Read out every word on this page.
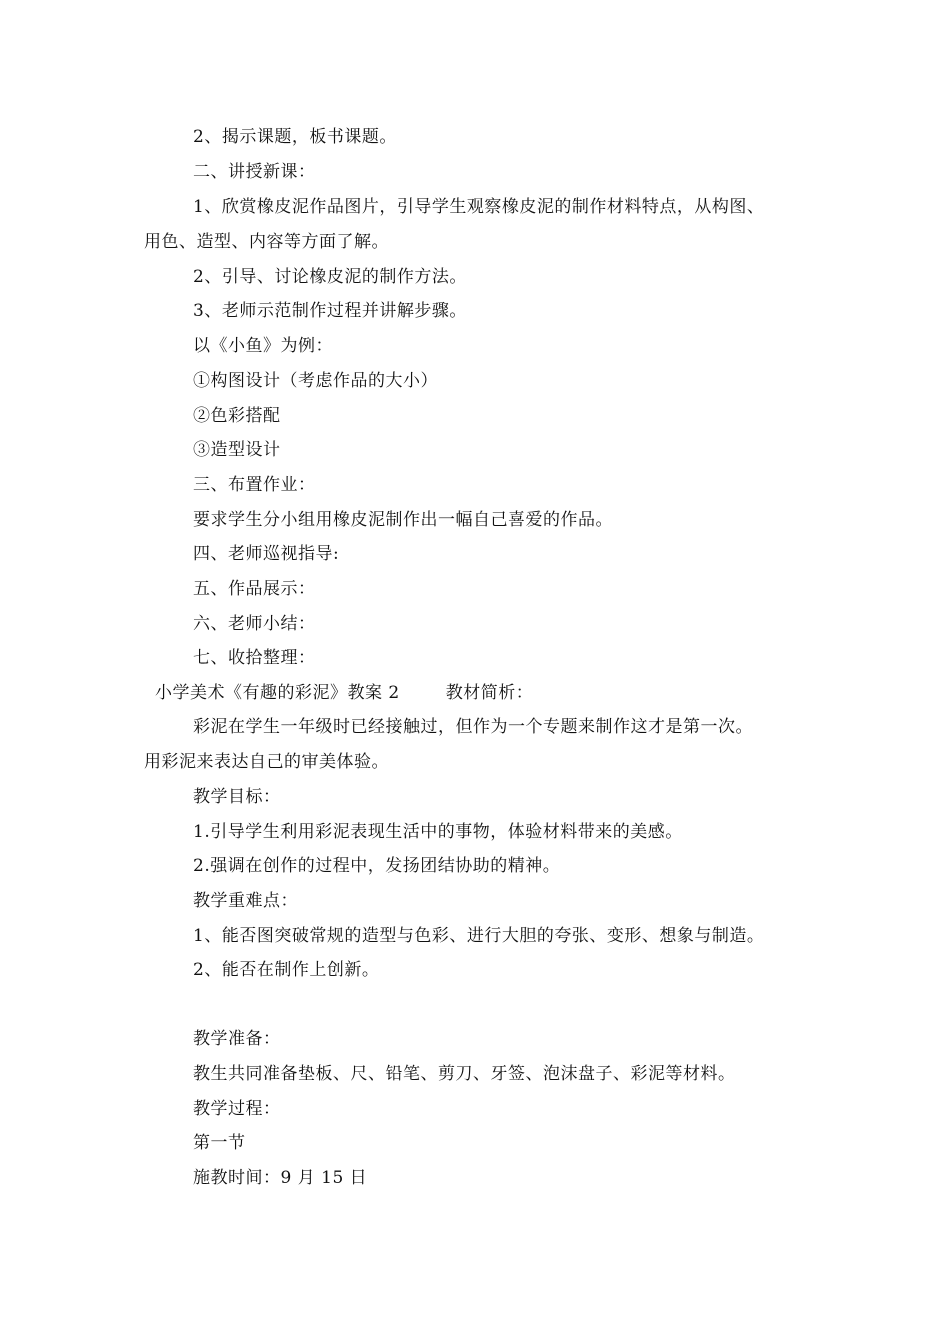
2、揭示课题，板书课题。
二、讲授新课：
1、欣赏橡皮泥作品图片，引导学生观察橡皮泥的制作材料特点，从构图、
用色、造型、内容等方面了解。
2、引导、讨论橡皮泥的制作方法。
3、老师示范制作过程并讲解步骤。
以《小鱼》为例：
①构图设计（考虑作品的大小）
②色彩搭配
③造型设计
三、布置作业：
要求学生分小组用橡皮泥制作出一幅自己喜爱的作品。
四、老师巡视指导:
五、作品展示：
六、老师小结：
七、收拾整理：
小学美术《有趣的彩泥》教案 2	教材简析：
彩泥在学生一年级时已经接触过，但作为一个专题来制作这才是第一次。
用彩泥来表达自己的审美体验。
教学目标：
1.引导学生利用彩泥表现生活中的事物，体验材料带来的美感。
2.强调在创作的过程中，发扬团结协助的精神。
教学重难点：
1、能否图突破常规的造型与色彩、进行大胆的夸张、变形、想象与制造。
2、能否在制作上创新。
教学准备：
教生共同准备垫板、尺、铅笔、剪刀、牙签、泡沫盘子、彩泥等材料。
教学过程：
第一节
施教时间：9 月 15 日
